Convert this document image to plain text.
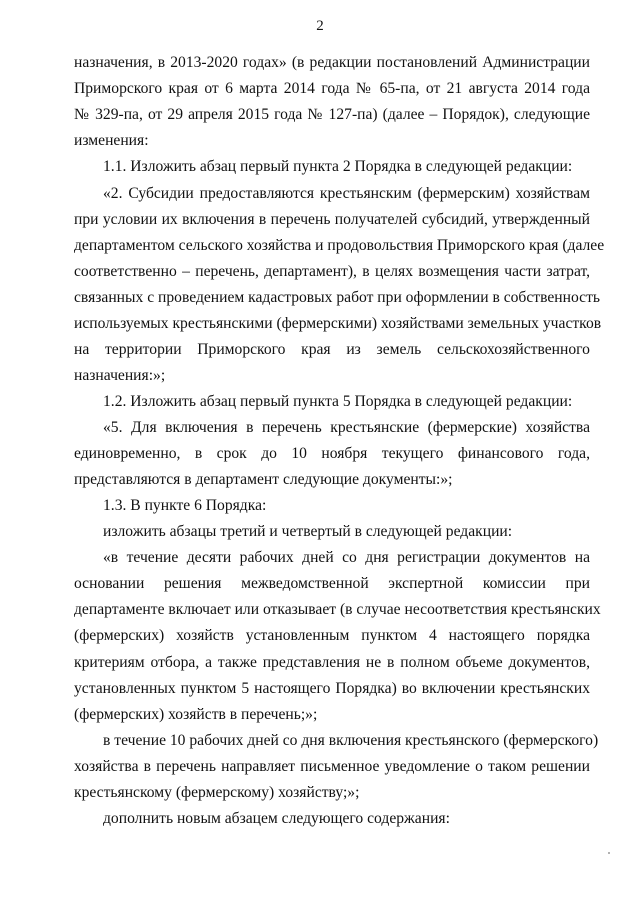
2
назначения, в 2013-2020 годах» (в редакции постановлений Администрации
Приморского края от 6 марта 2014 года № 65-па, от 21 августа 2014 года
№ 329-па, от 29 апреля 2015 года № 127-па) (далее – Порядок), следующие
изменения:
1.1. Изложить абзац первый пункта 2 Порядка в следующей редакции:
«2. Субсидии предоставляются крестьянским (фермерским) хозяйствам
при условии их включения в перечень получателей субсидий, утвержденный
департаментом сельского хозяйства и продовольствия Приморского края (далее
соответственно – перечень, департамент), в целях возмещения части затрат,
связанных с проведением кадастровых работ при оформлении в собственность
используемых крестьянскими (фермерскими) хозяйствами земельных участков
на территории Приморского края из земель сельскохозяйственного
назначения:»;
1.2. Изложить абзац первый пункта 5 Порядка в следующей редакции:
«5. Для включения в перечень крестьянские (фермерские) хозяйства
единовременно, в срок до 10 ноября текущего финансового года,
представляются в департамент следующие документы:»;
1.3. В пункте 6 Порядка:
изложить абзацы третий и четвертый в следующей редакции:
«в течение десяти рабочих дней со дня регистрации документов на
основании решения межведомственной экспертной комиссии при
департаменте включает или отказывает (в случае несоответствия крестьянских
(фермерских) хозяйств установленным пунктом 4 настоящего порядка
критериям отбора, а также представления не в полном объеме документов,
установленных пунктом 5 настоящего Порядка) во включении крестьянских
(фермерских) хозяйств в перечень;»;
в течение 10 рабочих дней со дня включения крестьянского (фермерского)
хозяйства в перечень направляет письменное уведомление о таком решении
крестьянскому (фермерскому) хозяйству;»;
дополнить новым абзацем следующего содержания:
